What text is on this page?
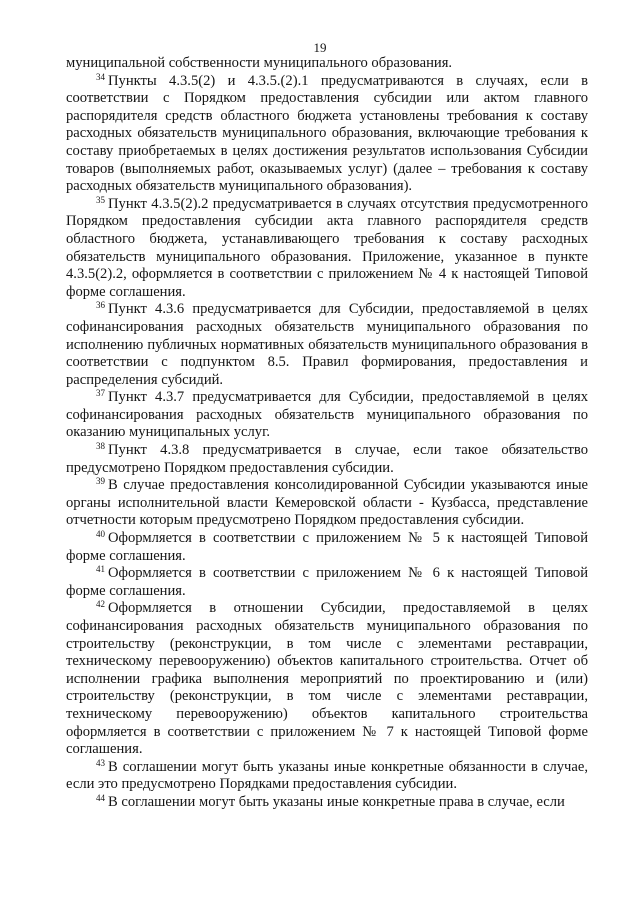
19

муниципальной собственности муниципального образования.

$^{34}$ Пункты 4.3.5(2) и 4.3.5.(2).1 предусматриваются в случаях, если в соответствии с Порядком предоставления субсидии или актом главного распорядителя средств областного бюджета установлены требования к составу расходных обязательств муниципального образования, включающие требования к составу приобретаемых в целях достижения результатов использования Субсидии товаров (выполняемых работ, оказываемых услуг) (далее – требования к составу расходных обязательств муниципального образования).

$^{35}$ Пункт 4.3.5(2).2 предусматривается в случаях отсутствия предусмотренного Порядком предоставления субсидии акта главного распорядителя средств областного бюджета, устанавливающего требования к составу расходных обязательств муниципального образования. Приложение, указанное в пункте 4.3.5(2).2, оформляется в соответствии с приложением № 4 к настоящей Типовой форме соглашения.

$^{36}$ Пункт 4.3.6 предусматривается для Субсидии, предоставляемой в целях софинансирования расходных обязательств муниципального образования по исполнению публичных нормативных обязательств муниципального образования в соответствии с подпунктом 8.5. Правил формирования, предоставления и распределения субсидий.

$^{37}$ Пункт 4.3.7 предусматривается для Субсидии, предоставляемой в целях софинансирования расходных обязательств муниципального образования по оказанию муниципальных услуг.

$^{38}$ Пункт 4.3.8 предусматривается в случае, если такое обязательство предусмотрено Порядком предоставления субсидии.

$^{39}$ В случае предоставления консолидированной Субсидии указываются иные органы исполнительной власти Кемеровской области - Кузбасса, представление отчетности которым предусмотрено Порядком предоставления субсидии.

$^{40}$ Оформляется в соответствии с приложением № 5 к настоящей Типовой форме соглашения.

$^{41}$ Оформляется в соответствии с приложением № 6 к настоящей Типовой форме соглашения.

$^{42}$ Оформляется в отношении Субсидии, предоставляемой в целях софинансирования расходных обязательств муниципального образования по строительству (реконструкции, в том числе с элементами реставрации, техническому перевооружению) объектов капитального строительства. Отчет об исполнении графика выполнения мероприятий по проектированию и (или) строительству (реконструкции, в том числе с элементами реставрации, техническому перевооружению) объектов капитального строительства оформляется в соответствии с приложением № 7 к настоящей Типовой форме соглашения.

$^{43}$ В соглашении могут быть указаны иные конкретные обязанности в случае, если это предусмотрено Порядками предоставления субсидии.

$^{44}$ В соглашении могут быть указаны иные конкретные права в случае, если
